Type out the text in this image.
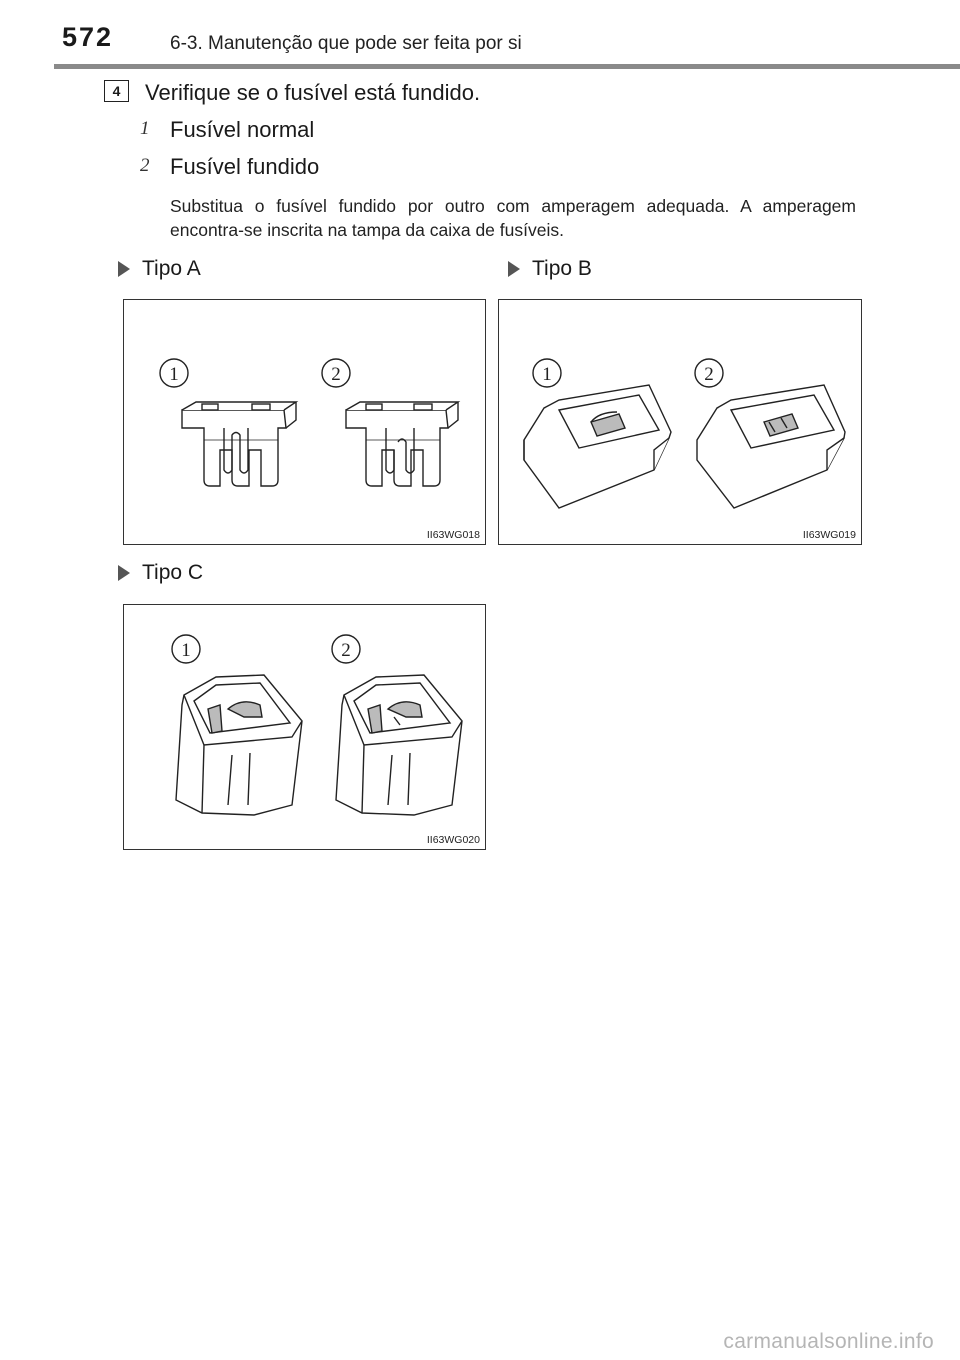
572	6-3. Manutenção que pode ser feita por si
4	Verifique se o fusível está fundido.
1 Fusível normal
2 Fusível fundido
Substitua o fusível fundido por outro com amperagem adequada. A amperagem encontra-se inscrita na tampa da caixa de fusíveis.
Tipo A	Tipo B
Tipo C
1	2
II63WG018
1	2
II63WG019
1	2
II63WG020
carmanualsonline.info
